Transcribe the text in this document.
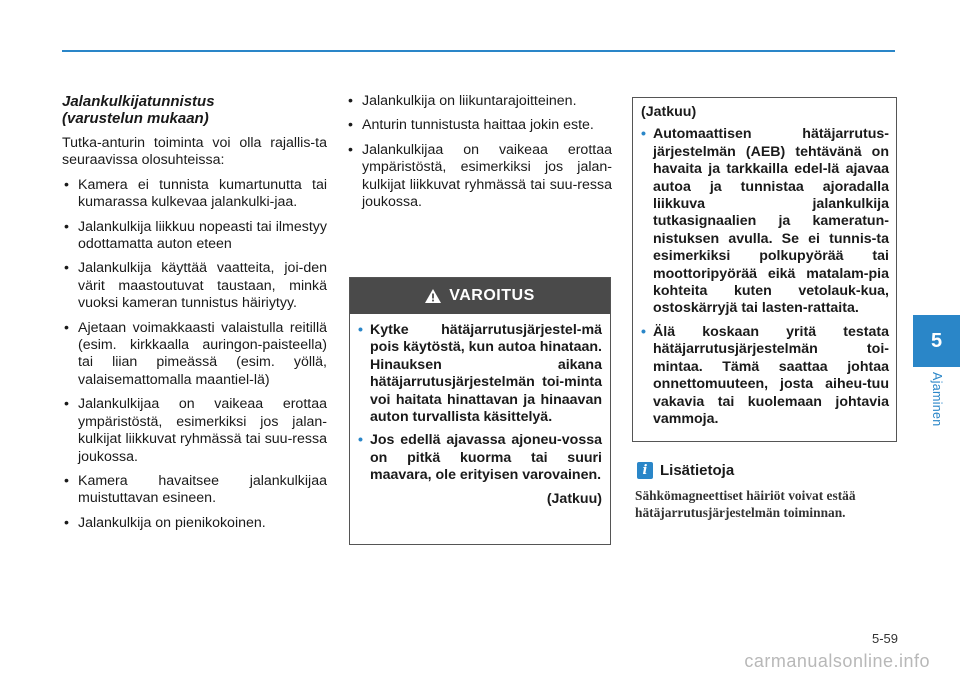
5
Ajaminen
Jalankulkijatunnistus
(varustelun mukaan)

Tutka-anturin toiminta voi olla rajallis-ta seuraavissa olosuhteissa:

• Kamera ei tunnista kumartunutta tai kumarassa kulkevaa jalankulki-jaa.
• Jalankulkija liikkuu nopeasti tai ilmestyy odottamatta auton eteen
• Jalankulkija käyttää vaatteita, joi-den värit maastoutuvat taustaan, minkä vuoksi kameran tunnistus häiriytyy.
• Ajetaan voimakkaasti valaistulla reitillä (esim. kirkkaalla auringon-paisteella) tai liian pimeässä (esim. yöllä, valaisemattomalla maantiel-lä)
• Jalankulkijaa on vaikeaa erottaa ympäristöstä, esimerkiksi jos jalan-kulkijat liikkuvat ryhmässä tai suu-ressa joukossa.
• Kamera havaitsee jalankulkijaa muistuttavan esineen.
• Jalankulkija on pienikokoinen.
• Jalankulkija on liikuntarajoitteinen.
• Anturin tunnistusta haittaa jokin este.
• Jalankulkijaa on vaikeaa erottaa ympäristöstä, esimerkiksi jos jalan-kulkijat liikkuvat ryhmässä tai suu-ressa joukossa.
VAROITUS
• Kytke hätäjarrutusjärjestel-mä pois käytöstä, kun autoa hinataan. Hinauksen aikana hätäjarrutusjärjestelmän toi-minta voi haitata hinattavan ja hinaavan auton turvallista käsittelyä.
• Jos edellä ajavassa ajoneu-vossa on pitkä kuorma tai suuri maavara, ole erityisen varovainen.
(Jatkuu)
(Jatkuu)
• Automaattisen hätäjarrutus-järjestelmän (AEB) tehtävänä on havaita ja tarkkailla edel-lä ajavaa autoa ja tunnistaa ajoradalla liikkuva jalankulkija tutkasignaalien ja kameratun-nistuksen avulla. Se ei tunnis-ta esimerkiksi polkupyörää tai moottoripyörää eikä matalam-pia kohteita kuten vetolauk-kua, ostoskärryjä tai lasten-rattaita.
• Älä koskaan yritä testata hätäjarrutusjärjestelmän toi-mintaa. Tämä saattaa johtaa onnettomuuteen, josta aiheu-tuu vakavia tai kuolemaan johtavia vammoja.
i Lisätietoja
Sähkömagneettiset häiriöt voivat estää
hätäjarrutusjärjestelmän toiminnan.
5-59
carmanualsonline.info
